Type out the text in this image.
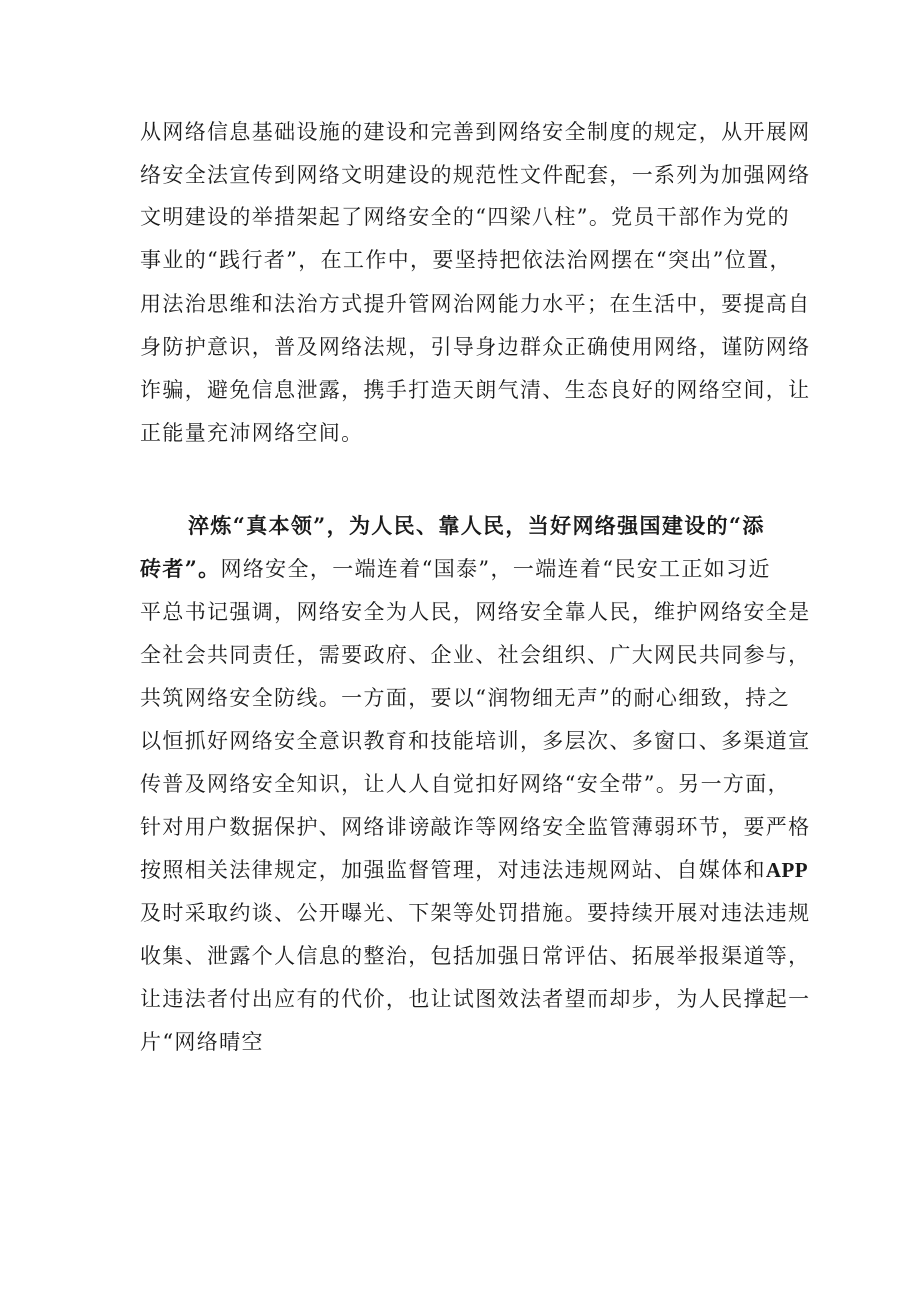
从网络信息基础设施的建设和完善到网络安全制度的规定，从开展网
络安全法宣传到网络文明建设的规范性文件配套，一系列为加强网络
文明建设的举措架起了网络安全的“四梁八柱”。党员干部作为党的
事业的“践行者”，在工作中，要坚持把依法治网摆在“突出”位置，
用法治思维和法治方式提升管网治网能力水平；在生活中，要提高自
身防护意识，普及网络法规，引导身边群众正确使用网络，谨防网络
诈骗，避免信息泄露，携手打造天朗气清、生态良好的网络空间，让
正能量充沛网络空间。
淬炼“真本领”，为人民、靠人民，当好网络强国建设的“添
砖者”。网络安全，一端连着“国泰”，一端连着“民安工正如习近
平总书记强调，网络安全为人民，网络安全靠人民，维护网络安全是
全社会共同责任，需要政府、企业、社会组织、广大网民共同参与，
共筑网络安全防线。一方面，要以“润物细无声”的耐心细致，持之
以恒抓好网络安全意识教育和技能培训，多层次、多窗口、多渠道宣
传普及网络安全知识，让人人自觉扣好网络“安全带”。另一方面，
针对用户数据保护、网络诽谤敲诈等网络安全监管薄弱环节，要严格
按照相关法律规定，加强监督管理，对违法违规网站、自媒体和APP
及时采取约谈、公开曝光、下架等处罚措施。要持续开展对违法违规
收集、泄露个人信息的整治，包括加强日常评估、拓展举报渠道等，
让违法者付出应有的代价，也让试图效法者望而却步，为人民撑起一
片“网络晴空
